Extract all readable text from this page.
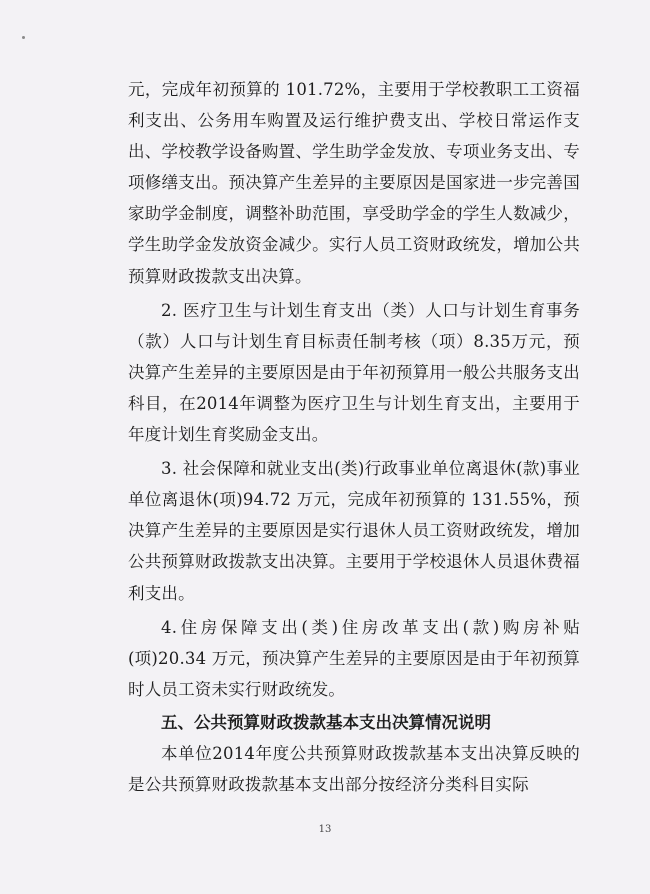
元，完成年初预算的 101.72%，主要用于学校教职工工资福利支出、公务用车购置及运行维护费支出、学校日常运作支出、学校教学设备购置、学生助学金发放、专项业务支出、专项修缮支出。预决算产生差异的主要原因是国家进一步完善国家助学金制度，调整补助范围，享受助学金的学生人数减少，学生助学金发放资金减少。实行人员工资财政统发，增加公共预算财政拨款支出决算。

2. 医疗卫生与计划生育支出（类）人口与计划生育事务（款）人口与计划生育目标责任制考核（项）8.35万元，预决算产生差异的主要原因是由于年初预算用一般公共服务支出科目，在2014年调整为医疗卫生与计划生育支出，主要用于年度计划生育奖励金支出。

3. 社会保障和就业支出(类)行政事业单位离退休(款)事业单位离退休(项)94.72 万元，完成年初预算的 131.55%，预决算产生差异的主要原因是实行退休人员工资财政统发，增加公共预算财政拨款支出决算。主要用于学校退休人员退休费福利支出。

4.住房保障支出(类)住房改革支出(款)购房补贴(项)20.34 万元，预决算产生差异的主要原因是由于年初预算时人员工资未实行财政统发。

五、公共预算财政拨款基本支出决算情况说明

本单位2014年度公共预算财政拨款基本支出决算反映的是公共预算财政拨款基本支出部分按经济分类科目实际

13
